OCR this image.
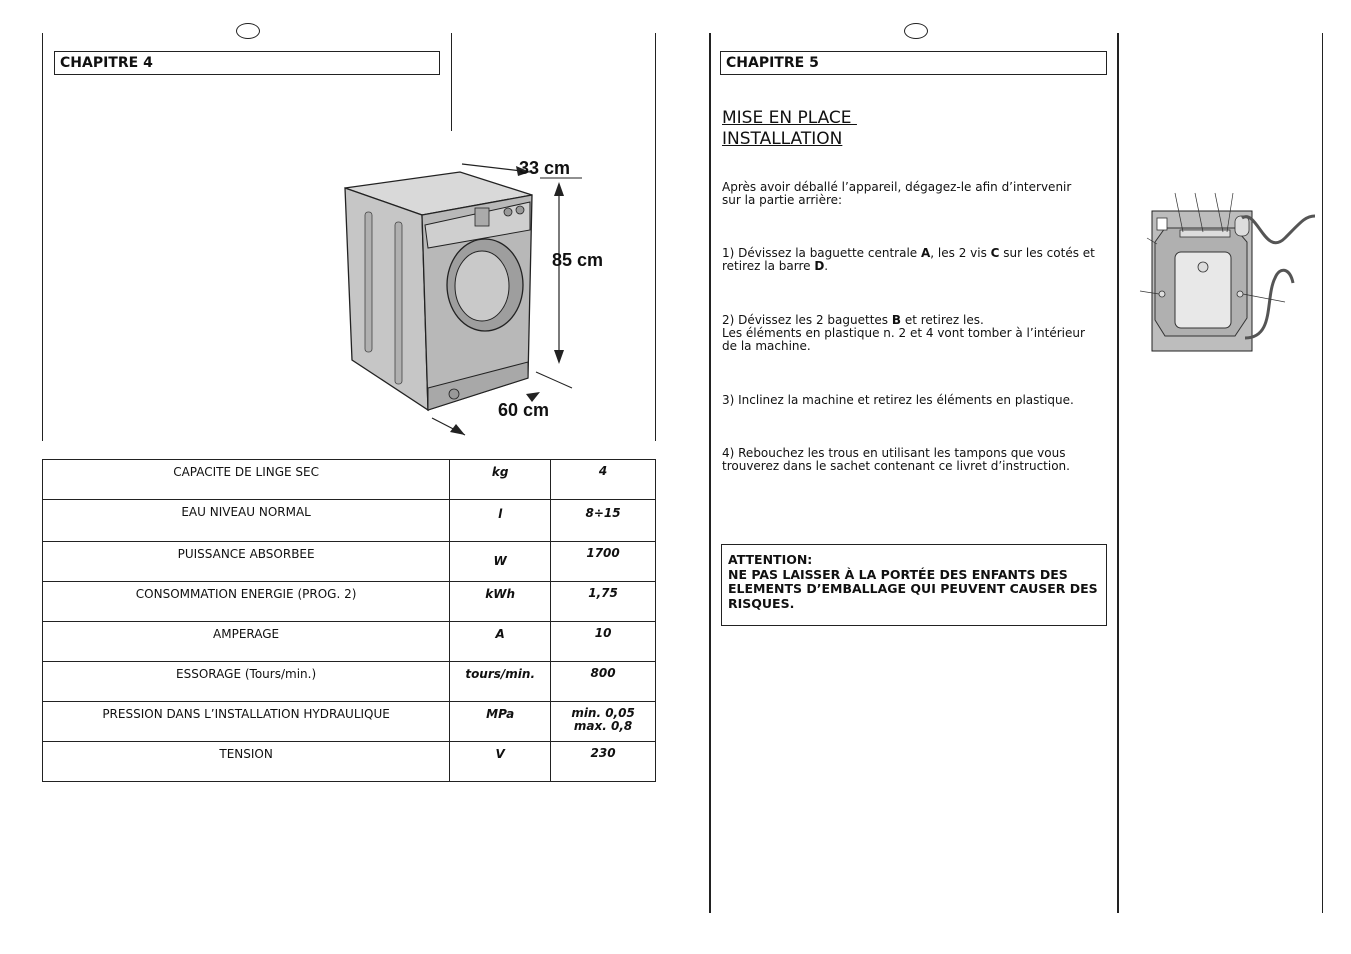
CHAPITRE 4
33 cm
85 cm
60 cm
CAPACITE DE LINGE SEC	kg	4
EAU NIVEAU NORMAL	l	8÷15
PUISSANCE ABSORBEE	W	1700
CONSOMMATION ENERGIE (PROG. 2)	kWh	1,75
AMPERAGE	A	10
ESSORAGE (Tours/min.)	tours/min.	800
PRESSION DANS L’INSTALLATION HYDRAULIQUE	MPa	min. 0,05
max. 0,8

TENSION	V	230
CHAPITRE 5
MISE EN PLACE
INSTALLATION
Après avoir déballé l’appareil, dégagez-le afin d’intervenir
sur la partie arrière:
1) Dévissez la baguette centrale A, les 2 vis C sur les cotés et
retirez la barre D.
2) Dévissez les 2 baguettes B et retirez les.
Les éléments en plastique n. 2 et 4 vont tomber à l’intérieur
de la machine.
3) Inclinez la machine et retirez les éléments en plastique.
4) Rebouchez les trous en utilisant les tampons que vous
trouverez dans le sachet contenant ce livret d’instruction.
ATTENTION:
NE PAS LAISSER À LA PORTÉE DES ENFANTS DES
ELEMENTS D’EMBALLAGE QUI PEUVENT CAUSER DES
RISQUES.
